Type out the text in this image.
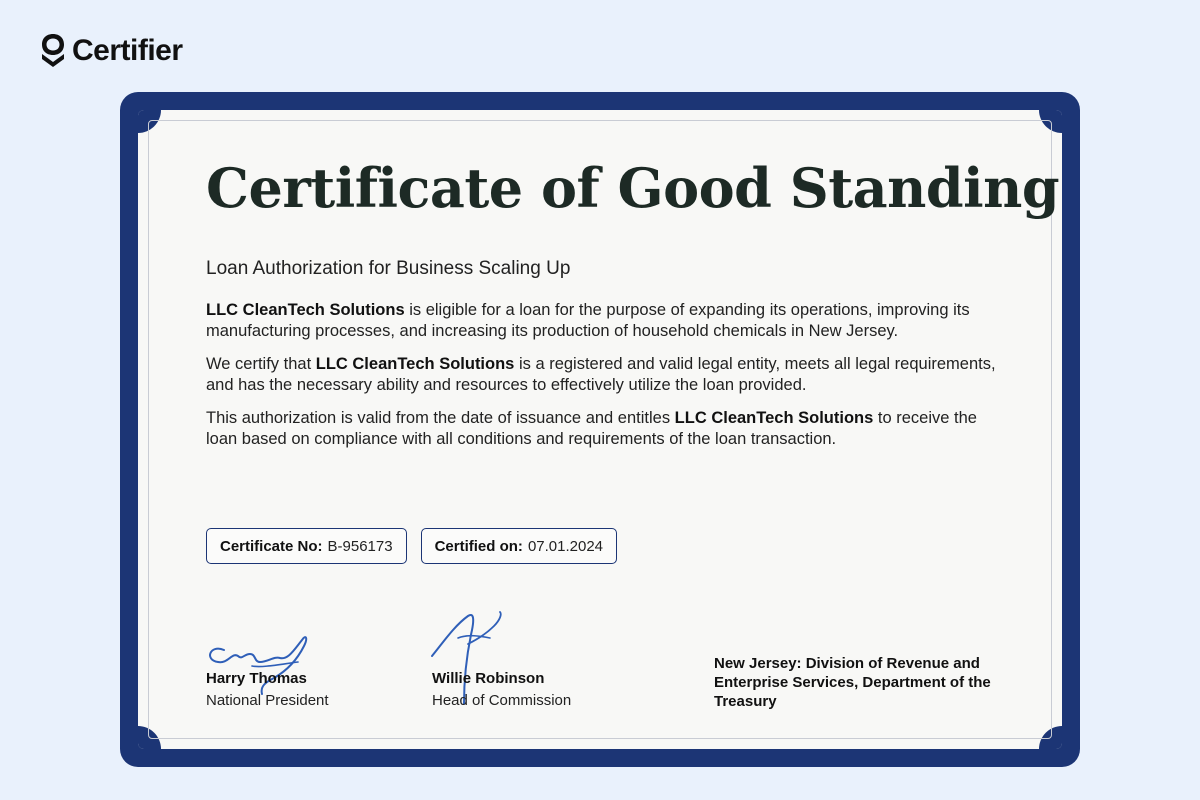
Certifier
Certificate of Good Standing
Loan Authorization for Business Scaling Up

LLC CleanTech Solutions is eligible for a loan for the purpose of expanding its operations, improving its manufacturing processes, and increasing its production of household chemicals in New Jersey.

We certify that LLC CleanTech Solutions is a registered and valid legal entity, meets all legal requirements, and has the necessary ability and resources to effectively utilize the loan provided.

This authorization is valid from the date of issuance and entitles LLC CleanTech Solutions to receive the loan based on compliance with all conditions and requirements of the loan transaction.

Certificate No: B-956173	Certified on: 07.01.2024
Harry Thomas
National President
Willie Robinson
Head of Commission
New Jersey: Division of Revenue and Enterprise Services, Department of the Treasury
